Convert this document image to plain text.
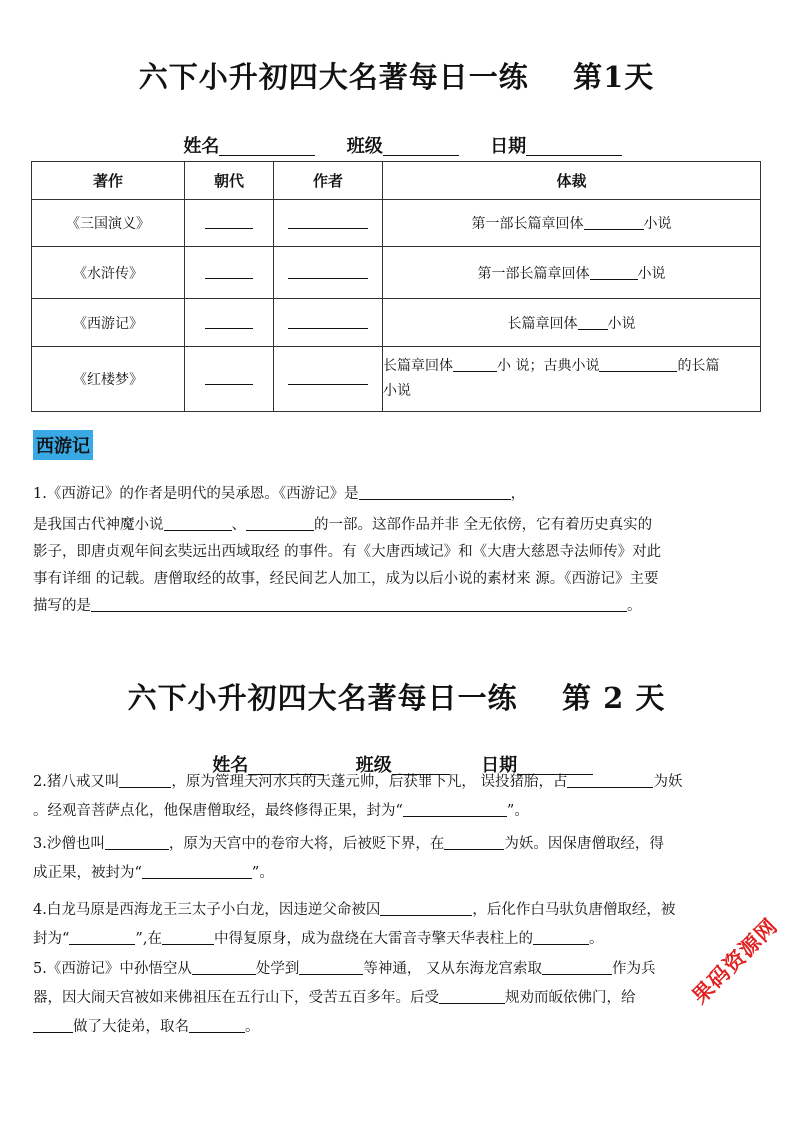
六下小升初四大名著每日一练    第1天

姓名	班级	日期

著作	朝代	作者	体裁
《三国演义》			第一部长篇章回体 小说
《水浒传》			第一部长篇章回体 小说
《西游记》			长篇章回体 小说
《红楼梦》			长篇章回体 小 说；古典小说 的长篇
小说
西游记
1.《西游记》的作者是明代的吴承恩。《西游记》是	，
是我国古代神魔小说	、	的一部。这部作品并非 全无依傍，它有着历史真实的
影子，即唐贞观年间玄奘远出西域取经 的事件。有《大唐西域记》和《大唐大慈恩寺法师传》对此
事有详细 的记载。唐僧取经的故事，经民间艺人加工，成为以后小说的素材来 源。《西游记》主要
描写的是	。
六下小升初四大名著每日一练    第 2 天

姓名	班级	日期

2.猪八戒又叫	，原为管理天河水兵的天蓬元帅，后获罪下凡， 误投猪胎，占	为妖
。经观音菩萨点化，他保唐僧取经，最终修得正果，封为“	”。
3.沙僧也叫	，原为天宫中的卷帘大将，后被贬下界，在	为妖。因保唐僧取经，得
成正果，被封为“	”。
4.白龙马原是西海龙王三太子小白龙，因违逆父命被囚	，后化作白马驮负唐僧取经，被
封为“	”,在	中得复原身，成为盘绕在大雷音寺擎天华表柱上的	。
5.《西游记》中孙悟空从	处学到	等神通， 又从东海龙宫索取	作为兵
器，因大闹天宫被如来佛祖压在五行山下，受苦五百多年。后受	规劝而皈依佛门，给
做了大徒弟，取名	。
果码资源网
